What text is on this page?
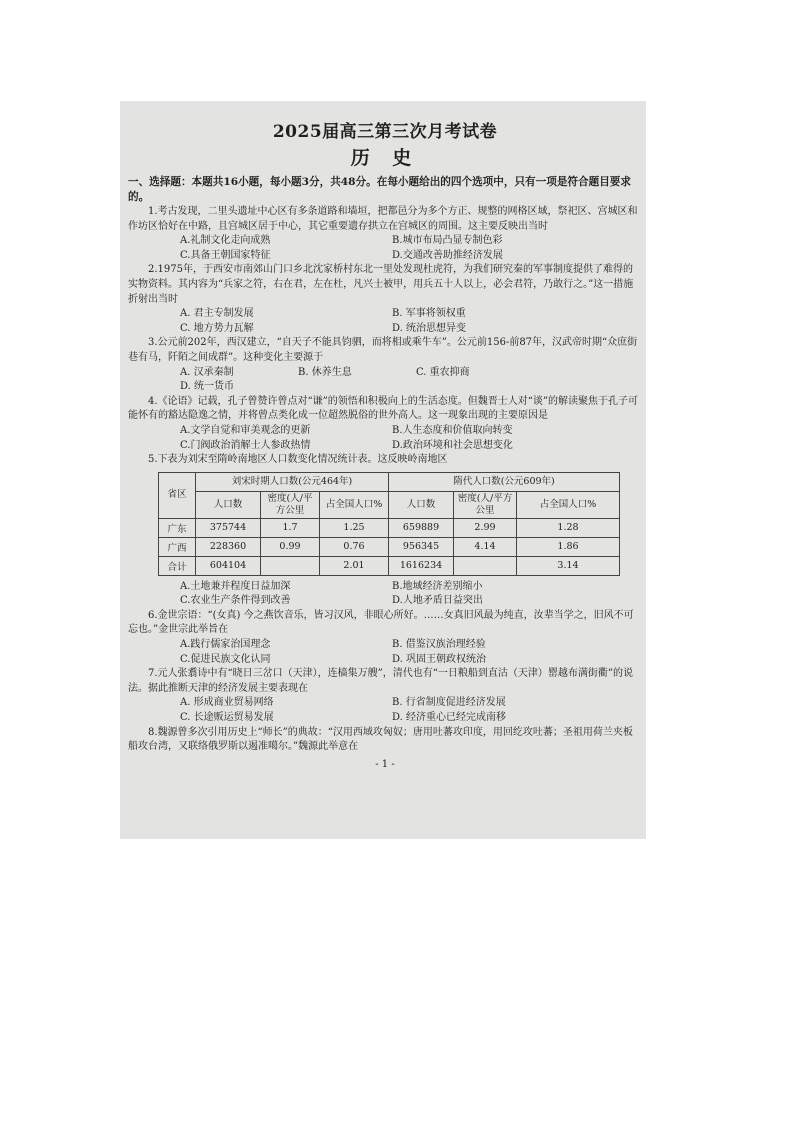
2025届高三第三次月考试卷
历 史
一、选择题：本题共16小题，每小题3分，共48分。在每小题给出的四个选项中，只有一项是符合题目要求的。

1.考古发现，二里头遗址中心区有多条道路和墙垣，把都邑分为多个方正、规整的网格区域，祭祀区、宫城区和作坊区恰好在中路，且宫城区居于中心，其它重要遗存拱立在宫城区的周围。这主要反映出当时

A.礼制文化走向成熟	B.城市布局凸显专制色彩
C.具备王朝国家特征	D.交通改善助推经济发展

2.1975年，于西安市南郊山门口乡北沈家桥村东北一里处发现杜虎符，为我们研究秦的军事制度提供了难得的实物资料。其内容为“兵家之符，右在君，左在杜，凡兴士被甲，用兵五十人以上，必会君符，乃敢行之。”这一措施折射出当时

A. 君主专制发展	B. 军事将领权重
C. 地方势力瓦解	D. 统治思想异变

3.公元前202年，西汉建立，“自天子不能具钧驷，而将相或乘牛车”。公元前156-前87年，汉武帝时期“众庶街巷有马，阡陌之间成群”。这种变化主要源于

A. 汉承秦制	B. 休养生息	C. 重农抑商
D. 统一货币

4.《论语》记载，孔子曾赞许曾点对“谦”的领悟和积极向上的生活态度。但魏晋士人对“谈”的解读聚焦于孔子可能怀有的豁达隐逸之情，并将曾点类化成一位超然脱俗的世外高人。这一现象出现的主要原因是

A.文学自觉和审美观念的更新	B.人生态度和价值取向转变
C.门阀政治消解士人参政热情	D.政治环境和社会思想变化

5.下表为刘宋至隋岭南地区人口数变化情况统计表。这反映岭南地区

省区	刘宋时期人口数(公元464年)			隋代人口数(公元609年)		
	人口数	密度(人/平方公里	占全国人口%	人口数	密度(人/平方公里	占全国人口%
广东	375744	1.7	1.25	659889	2.99	1.28
广西	228360	0.99	0.76	956345	4.14	1.86
合计	604104		2.01	1616234		3.14
A.土地兼并程度日益加深	B.地域经济差别缩小
C.农业生产条件得到改善	D.人地矛盾日益突出

6.金世宗语：“(女真) 今之燕饮音乐，皆习汉风，非眼心所好。……女真旧风最为纯直，汝辈当学之，旧风不可忘也。”金世宗此举旨在

A.践行儒家治国理念	B. 借鉴汉族治理经验
C.促进民族文化认同	D. 巩固王朝政权统治

7.元人张翥诗中有“晓日三岔口（天津），连樯集万艘”，清代也有“一日粮船到直沽（天津）罂越布满街衢”的说法。据此推断天津的经济发展主要表现在

A. 形成商业贸易网络	B. 行省制度促进经济发展
C. 长途贩运贸易发展	D. 经济重心已经完成南移

8.魏源曾多次引用历史上“师长”的典故：“汉用西域攻匈奴；唐用吐蕃攻印度，用回纥攻吐蕃；圣祖用荷兰夹板船攻台湾，又联络俄罗斯以遏准噶尔。”魏源此举意在

- 1 -
